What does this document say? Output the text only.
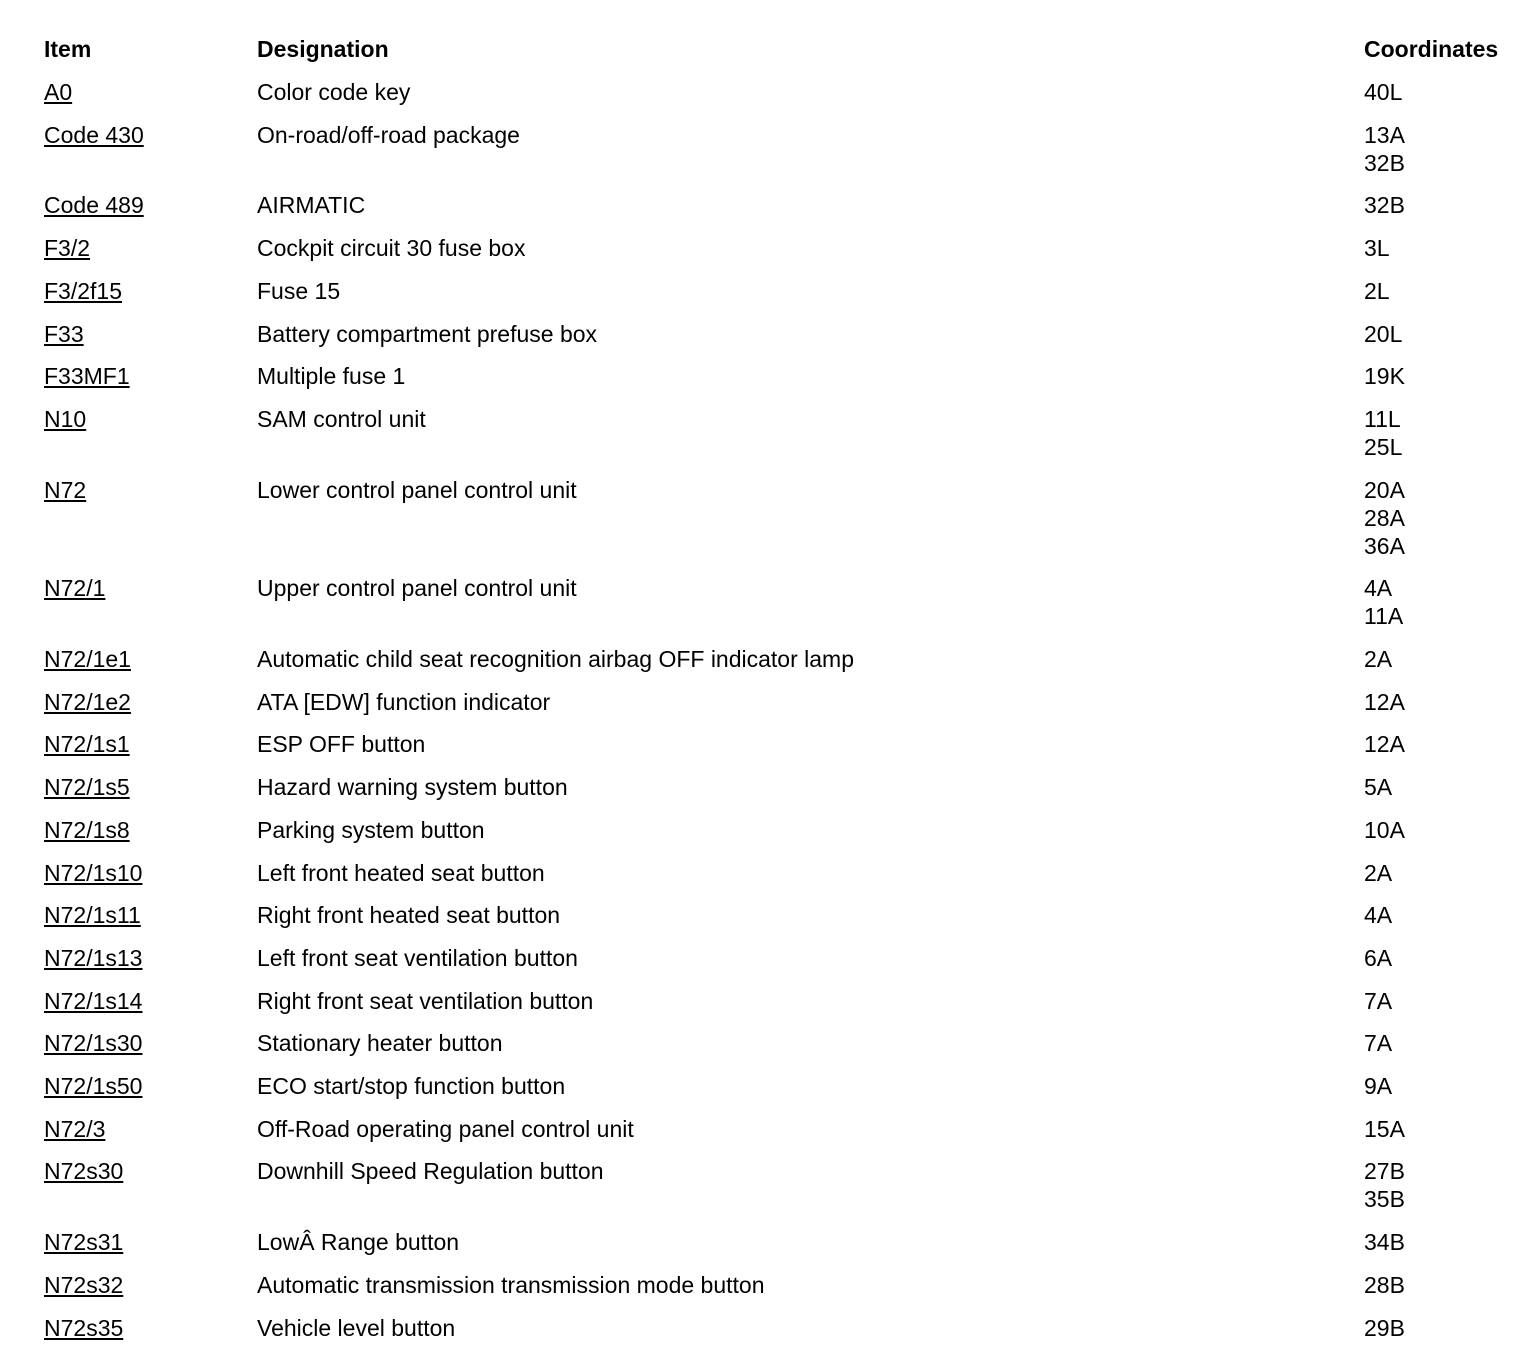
Item	Designation	Coordinates
A0	Color code key	40L
Code 430	On-road/off-road package	13A
32B
Code 489	AIRMATIC	32B
F3/2	Cockpit circuit 30 fuse box	3L
F3/2f15	Fuse 15	2L
F33	Battery compartment prefuse box	20L
F33MF1	Multiple fuse 1	19K
N10	SAM control unit	11L
25L
N72	Lower control panel control unit	20A
28A
36A
N72/1	Upper control panel control unit	4A
11A
N72/1e1	Automatic child seat recognition airbag OFF indicator lamp	2A
N72/1e2	ATA [EDW] function indicator	12A
N72/1s1	ESP OFF button	12A
N72/1s5	Hazard warning system button	5A
N72/1s8	Parking system button	10A
N72/1s10	Left front heated seat button	2A
N72/1s11	Right front heated seat button	4A
N72/1s13	Left front seat ventilation button	6A
N72/1s14	Right front seat ventilation button	7A
N72/1s30	Stationary heater button	7A
N72/1s50	ECO start/stop function button	9A
N72/3	Off-Road operating panel control unit	15A
N72s30	Downhill Speed Regulation button	27B
35B
N72s31	LowÂ Range button	34B
N72s32	Automatic transmission transmission mode button	28B
N72s35	Vehicle level button	29B
